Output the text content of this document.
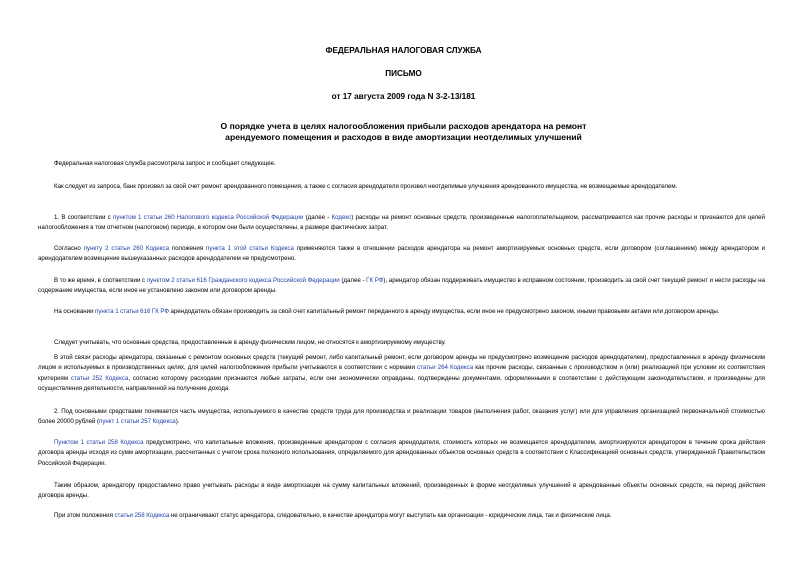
ФЕДЕРАЛЬНАЯ НАЛОГОВАЯ СЛУЖБА
ПИСЬМО
от 17 августа 2009 года N 3-2-13/181
О порядке учета в целях налогообложения прибыли расходов арендатора на ремонт
арендуемого помещения и расходов в виде амортизации неотделимых улучшений
Федеральная налоговая служба рассмотрела запрос и сообщает следующее.
Как следует из запроса, банк произвел за свой счет ремонт арендованного помещения, а также с согласия арендодателя произвел неотделимые улучшения арендованного имущества, не возмещаемые арендодателем.
1. В соответствии с пунктом 1 статьи 260 Налогового кодекса Российской Федерации (далее - Кодекс) расходы на ремонт основных средств, произведенные налогоплательщиком, рассматриваются как прочие расходы и признаются для целей налогообложения в том отчетном (налоговом) периоде, в котором они были осуществлены, в размере фактических затрат.
Согласно пункту 2 статьи 260 Кодекса положения пункта 1 этой статьи Кодекса применяются также в отношении расходов арендатора на ремонт амортизируемых основных средств, если договором (соглашением) между арендатором и арендодателем возмещение вышеуказанных расходов арендодателем не предусмотрено.
В то же время, в соответствии с пунктом 2 статьи 616 Гражданского кодекса Российской Федерации (далее - ГК РФ), арендатор обязан поддерживать имущество в исправном состоянии, производить за свой счет текущий ремонт и нести расходы на содержание имущества, если иное не установлено законом или договором аренды.
На основании пункта 1 статьи 616 ГК РФ арендодатель обязан производить за свой счет капитальный ремонт переданного в аренду имущества, если иное не предусмотрено законом, иными правовыми актами или договором аренды.
Следует учитывать, что основные средства, предоставленные в аренду физическим лицом, не относятся к амортизируемому имуществу.
В этой связи расходы арендатора, связанные с ремонтом основных средств (текущий ремонт, либо капитальный ремонт, если договором аренды не предусмотрено возмещение расходов арендодателем), предоставленных в аренду физическим лицом и используемых в производственных целях, для целей налогообложения прибыли учитываются в соответствии с нормами статьи 264 Кодекса как прочие расходы, связанные с производством и (или) реализацией при условии их соответствия критериям статьи 252 Кодекса, согласно которому расходами признаются любые затраты, если они экономически оправданы, подтверждены документами, оформленными в соответствии с действующим законодательством, и произведены для осуществления деятельности, направленной на получение дохода.
2. Под основными средствами понимается часть имущества, используемого в качестве средств труда для производства и реализации товаров (выполнения работ, оказания услуг) или для управления организацией первоначальной стоимостью более 20000 рублей (пункт 1 статьи 257 Кодекса).
Пунктом 1 статьи 258 Кодекса предусмотрено, что капитальные вложения, произведенные арендатором с согласия арендодателя, стоимость которых не возмещается арендодателем, амортизируются арендатором в течение срока действия договора аренды исходя из сумм амортизации, рассчитанных с учетом срока полезного использования, определяемого для арендованных объектов основных средств в соответствии с Классификацией основных средств, утвержденной Правительством Российской Федерации.
Таким образом, арендатору предоставлено право учитывать расходы в виде амортизации на сумму капитальных вложений, произведенных в форме неотделимых улучшений в арендованные объекты основных средств, на период действия договора аренды.
При этом положения статьи 258 Кодекса не ограничивают статус арендатора, следовательно, в качестве арендатора могут выступать как организации - юридические лица, так и физические лица.
